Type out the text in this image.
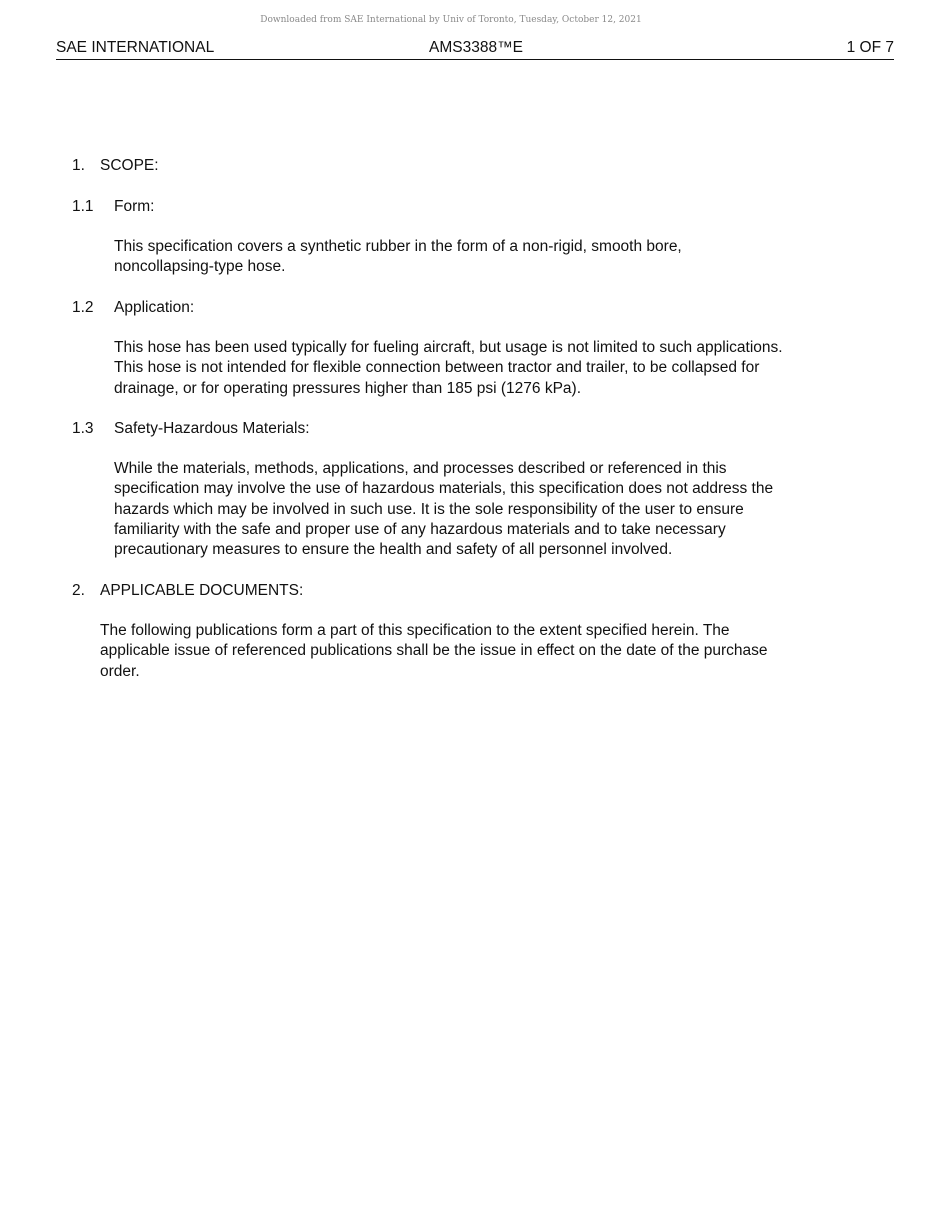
Downloaded from SAE International by Univ of Toronto, Tuesday, October 12, 2021
SAE INTERNATIONAL	AMS3388™E	1 OF 7
1. SCOPE:
1.1 Form:
This specification covers a synthetic rubber in the form of a non-rigid, smooth bore,
noncollapsing-type hose.
1.2 Application:
This hose has been used typically for fueling aircraft, but usage is not limited to such applications.
This hose is not intended for flexible connection between tractor and trailer, to be collapsed for
drainage, or for operating pressures higher than 185 psi (1276 kPa).
1.3 Safety-Hazardous Materials:
While the materials, methods, applications, and processes described or referenced in this
specification may involve the use of hazardous materials, this specification does not address the
hazards which may be involved in such use. It is the sole responsibility of the user to ensure
familiarity with the safe and proper use of any hazardous materials and to take necessary
precautionary measures to ensure the health and safety of all personnel involved.
2. APPLICABLE DOCUMENTS:
The following publications form a part of this specification to the extent specified herein. The
applicable issue of referenced publications shall be the issue in effect on the date of the purchase
order.
